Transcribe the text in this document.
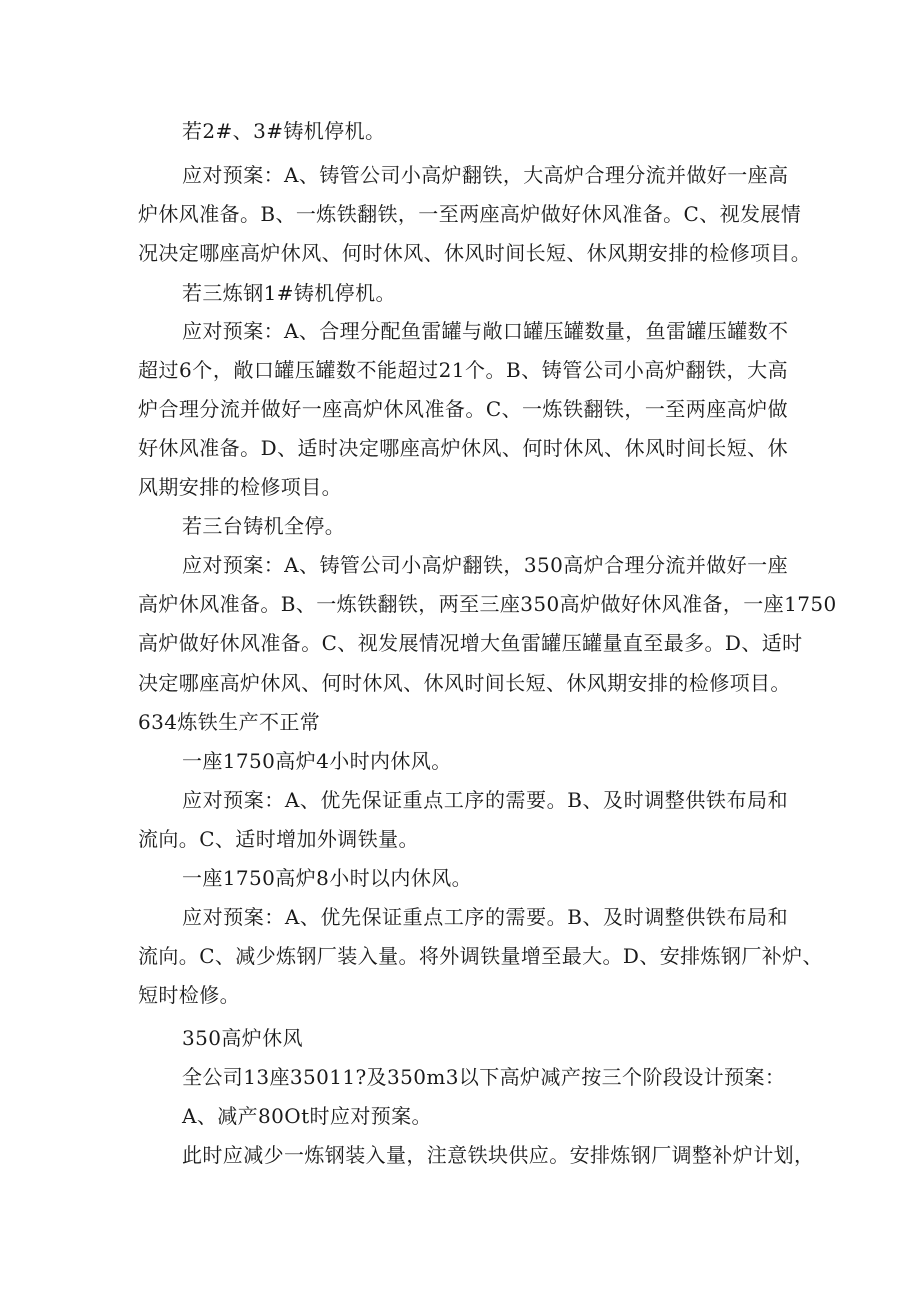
若2#、3#铸机停机。
应对预案：A、铸管公司小高炉翻铁，大高炉合理分流并做好一座高
炉休风准备。B、一炼铁翻铁，一至两座高炉做好休风准备。C、视发展情
况决定哪座高炉休风、何时休风、休风时间长短、休风期安排的检修项目。
若三炼钢1#铸机停机。
应对预案：A、合理分配鱼雷罐与敞口罐压罐数量，鱼雷罐压罐数不
超过6个，敞口罐压罐数不能超过21个。B、铸管公司小高炉翻铁，大高
炉合理分流并做好一座高炉休风准备。C、一炼铁翻铁，一至两座高炉做
好休风准备。D、适时决定哪座高炉休风、何时休风、休风时间长短、休
风期安排的检修项目。
若三台铸机全停。
应对预案：A、铸管公司小高炉翻铁，350高炉合理分流并做好一座
高炉休风准备。B、一炼铁翻铁，两至三座350高炉做好休风准备，一座1750
高炉做好休风准备。C、视发展情况增大鱼雷罐压罐量直至最多。D、适时
决定哪座高炉休风、何时休风、休风时间长短、休风期安排的检修项目。
634炼铁生产不正常
一座1750高炉4小时内休风。
应对预案：A、优先保证重点工序的需要。B、及时调整供铁布局和
流向。C、适时增加外调铁量。
一座1750高炉8小时以内休风。
应对预案：A、优先保证重点工序的需要。B、及时调整供铁布局和
流向。C、减少炼钢厂装入量。将外调铁量增至最大。D、安排炼钢厂补炉、
短时检修。
350高炉休风
全公司13座35011?及350m3以下高炉减产按三个阶段设计预案：
A、减产80Ot时应对预案。
此时应减少一炼钢装入量，注意铁块供应。安排炼钢厂调整补炉计划，
